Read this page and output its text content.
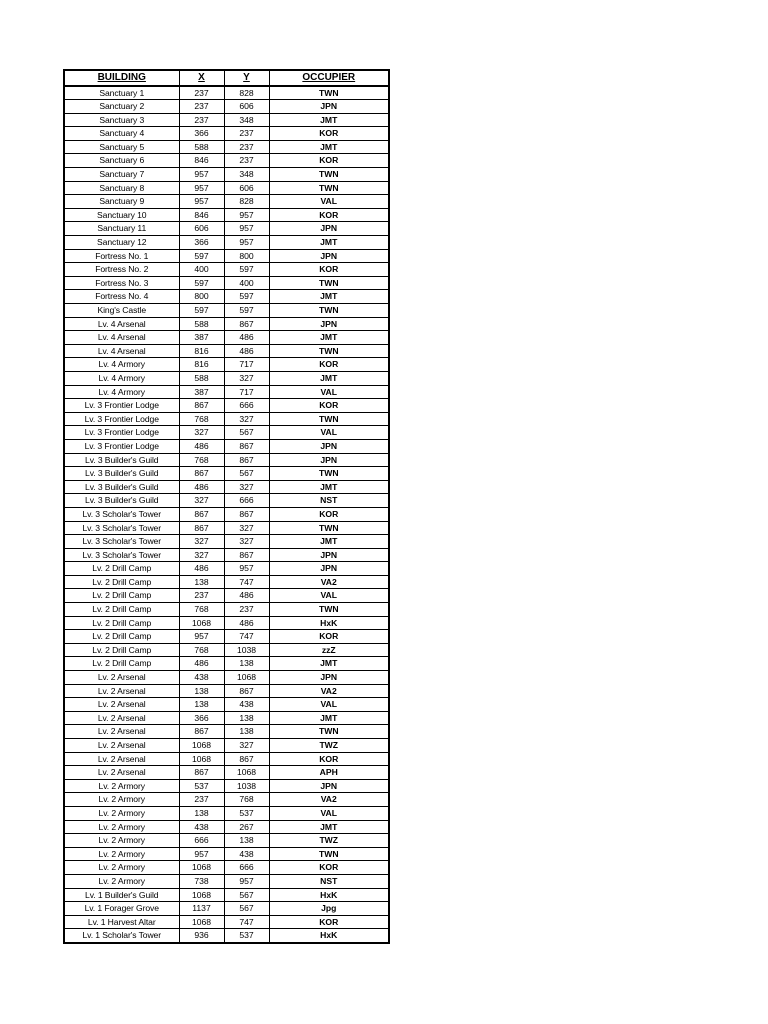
BUILDING	X	Y	OCCUPIER
Sanctuary 1	237	828	TWN
Sanctuary 2	237	606	JPN
Sanctuary 3	237	348	JMT
Sanctuary 4	366	237	KOR
Sanctuary 5	588	237	JMT
Sanctuary 6	846	237	KOR
Sanctuary 7	957	348	TWN
Sanctuary 8	957	606	TWN
Sanctuary 9	957	828	VAL
Sanctuary 10	846	957	KOR
Sanctuary 11	606	957	JPN
Sanctuary 12	366	957	JMT
Fortress No. 1	597	800	JPN
Fortress No. 2	400	597	KOR
Fortress No. 3	597	400	TWN
Fortress No. 4	800	597	JMT
King's Castle	597	597	TWN
Lv. 4 Arsenal	588	867	JPN
Lv. 4 Arsenal	387	486	JMT
Lv. 4 Arsenal	816	486	TWN
Lv. 4 Armory	816	717	KOR
Lv. 4 Armory	588	327	JMT
Lv. 4 Armory	387	717	VAL
Lv. 3 Frontier Lodge	867	666	KOR
Lv. 3 Frontier Lodge	768	327	TWN
Lv. 3 Frontier Lodge	327	567	VAL
Lv. 3 Frontier Lodge	486	867	JPN
Lv. 3 Builder's Guild	768	867	JPN
Lv. 3 Builder's Guild	867	567	TWN
Lv. 3 Builder's Guild	486	327	JMT
Lv. 3 Builder's Guild	327	666	NST
Lv. 3 Scholar's Tower	867	867	KOR
Lv. 3 Scholar's Tower	867	327	TWN
Lv. 3 Scholar's Tower	327	327	JMT
Lv. 3 Scholar's Tower	327	867	JPN
Lv. 2 Drill Camp	486	957	JPN
Lv. 2 Drill Camp	138	747	VA2
Lv. 2 Drill Camp	237	486	VAL
Lv. 2 Drill Camp	768	237	TWN
Lv. 2 Drill Camp	1068	486	HxK
Lv. 2 Drill Camp	957	747	KOR
Lv. 2 Drill Camp	768	1038	zzZ
Lv. 2 Drill Camp	486	138	JMT
Lv. 2 Arsenal	438	1068	JPN
Lv. 2 Arsenal	138	867	VA2
Lv. 2 Arsenal	138	438	VAL
Lv. 2 Arsenal	366	138	JMT
Lv. 2 Arsenal	867	138	TWN
Lv. 2 Arsenal	1068	327	TWZ
Lv. 2 Arsenal	1068	867	KOR
Lv. 2 Arsenal	867	1068	APH
Lv. 2 Armory	537	1038	JPN
Lv. 2 Armory	237	768	VA2
Lv. 2 Armory	138	537	VAL
Lv. 2 Armory	438	267	JMT
Lv. 2 Armory	666	138	TWZ
Lv. 2 Armory	957	438	TWN
Lv. 2 Armory	1068	666	KOR
Lv. 2 Armory	738	957	NST
Lv. 1 Builder's Guild	1068	567	HxK
Lv. 1 Forager Grove	1137	567	Jpg
Lv. 1 Harvest Altar	1068	747	KOR
Lv. 1 Scholar's Tower	936	537	HxK
